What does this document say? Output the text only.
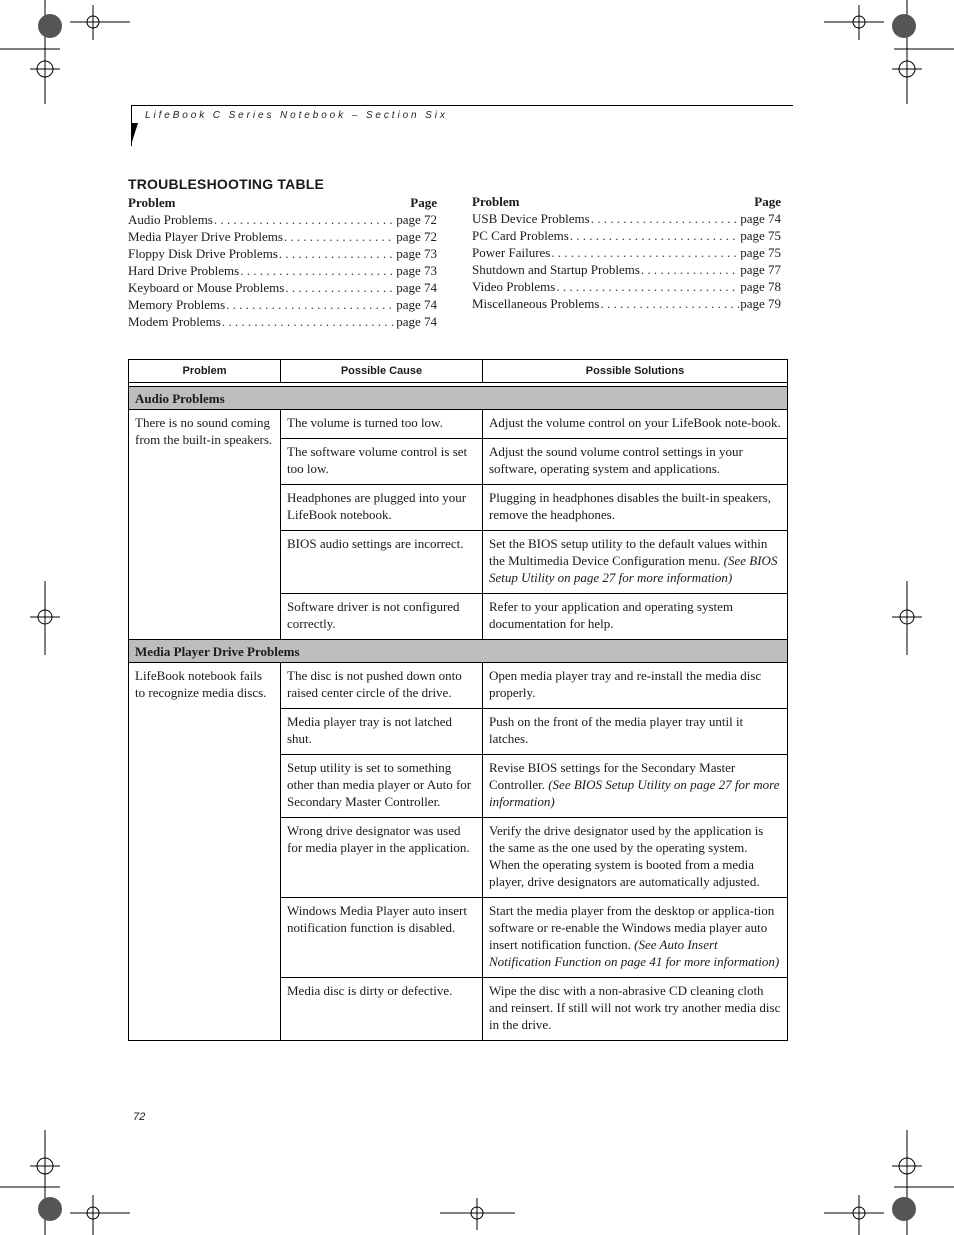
LifeBook C Series Notebook – Section Six
TROUBLESHOOTING TABLE
Problem	Page
Audio Problems . . .	page 72
Media Player Drive Problems . . .	page 72
Floppy Disk Drive Problems . . .	page 73
Hard Drive Problems . . .	page 73
Keyboard or Mouse Problems . . .	page 74
Memory Problems . . .	page 74
Modem Problems . . .	page 74
Problem	Page
USB Device Problems . . .	page 74
PC Card Problems . . .	page 75
Power Failures . . .	page 75
Shutdown and Startup Problems . . .	page 77
Video Problems . . .	page 78
Miscellaneous Problems . . .	page 79
Problem	Possible Cause	Possible Solutions

Audio Problems		
There is no sound coming from the built-in speakers.	The volume is turned too low.	Adjust the volume control on your LifeBook note-book.
	The software volume control is set too low.	Adjust the sound volume control settings in your software, operating system and applications.
	Headphones are plugged into your LifeBook notebook.	Plugging in headphones disables the built-in speakers, remove the headphones.
	BIOS audio settings are incorrect.	Set the BIOS setup utility to the default values within the Multimedia Device Configuration menu. (See BIOS Setup Utility on page 27 for more information)
	Software driver is not configured correctly.	Refer to your application and operating system documentation for help.
Media Player Drive Problems		
LifeBook notebook fails to recognize media discs.	The disc is not pushed down onto raised center circle of the drive.	Open media player tray and re-install the media disc properly.
	Media player tray is not latched shut.	Push on the front of the media player tray until it latches.
	Setup utility is set to something other than media player or Auto for Secondary Master Controller.	Revise BIOS settings for the Secondary Master Controller. (See BIOS Setup Utility on page 27 for more information)
	Wrong drive designator was used for media player in the application.	Verify the drive designator used by the application is the same as the one used by the operating system. When the operating system is booted from a media player, drive designators are automatically adjusted.
	Windows Media Player auto insert notification function is disabled.	Start the media player from the desktop or applica-tion software or re-enable the Windows media player auto insert notification function. (See Auto Insert Notification Function on page 41 for more information)
	Media disc is dirty or defective.	Wipe the disc with a non-abrasive CD cleaning cloth and reinsert. If still will not work try another media disc in the drive.
72
